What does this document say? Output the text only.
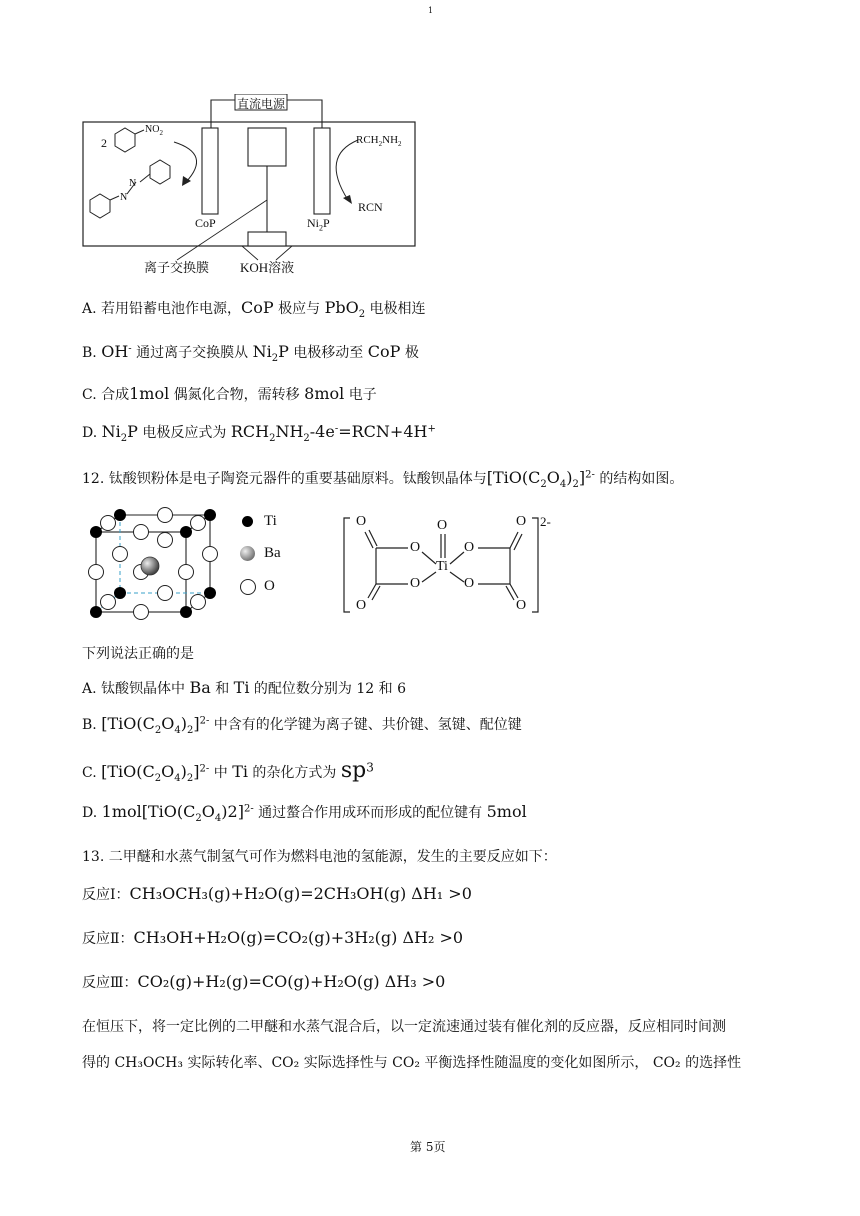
1
直流电源
2
$NO_2$
N
N
CoP	$Ni_2P$
$RCH_2NH_2$
RCN
离子交换膜 KOH溶液
A. 若用铅蓄电池作电源，CoP 极应与 PbO$_2$ 电极相连
B. OH- 通过离子交换膜从 $Ni_2P$ 电极移动至 CoP 极
C. 合成1mol 偶氮化合物，需转移 8mol 电子
D. $Ni_2P$ 电极反应式为 $RCH_2NH_2-4e^-=RCN+4H^+$
12. 钛酸钡粉体是电子陶瓷元器件的重要基础原料。钛酸钡晶体与$[TiO(C_2O_4)_2]^{2-}$ 的结构如图。
Ti
Ba
O
O
O
O
O
O
Ti
O
O
O
O
2-
下列说法正确的是
A. 钛酸钡晶体中 Ba 和 Ti 的配位数分别为 12 和 6
B. $[TiO(C_2O_4)_2]^{2-}$ 中含有的化学键为离子键、共价键、氢键、配位键
C. $[TiO(C_2O_4)_2]^{2-}$ 中 Ti 的杂化方式为 $sp^3$
D. $1mol[TiO(C_2O_4)2]^{2-}$ 通过螯合作用成环而形成的配位键有 5mol
13. 二甲醚和水蒸气制氢气可作为燃料电池的氢能源，发生的主要反应如下：
反应Ⅰ：CH₃OCH₃(g)+H₂O(g)=2CH₃OH(g) ΔH₁ >0
反应Ⅱ：CH₃OH+H₂O(g)=CO₂(g)+3H₂(g) ΔH₂ >0
反应Ⅲ：CO₂(g)+H₂(g)=CO(g)+H₂O(g) ΔH₃ >0
在恒压下，将一定比例的二甲醚和水蒸气混合后，以一定流速通过装有催化剂的反应器，反应相同时间测
得的 CH₃OCH₃ 实际转化率、CO₂ 实际选择性与 CO₂ 平衡选择性随温度的变化如图所示， CO₂ 的选择性
第 5页
